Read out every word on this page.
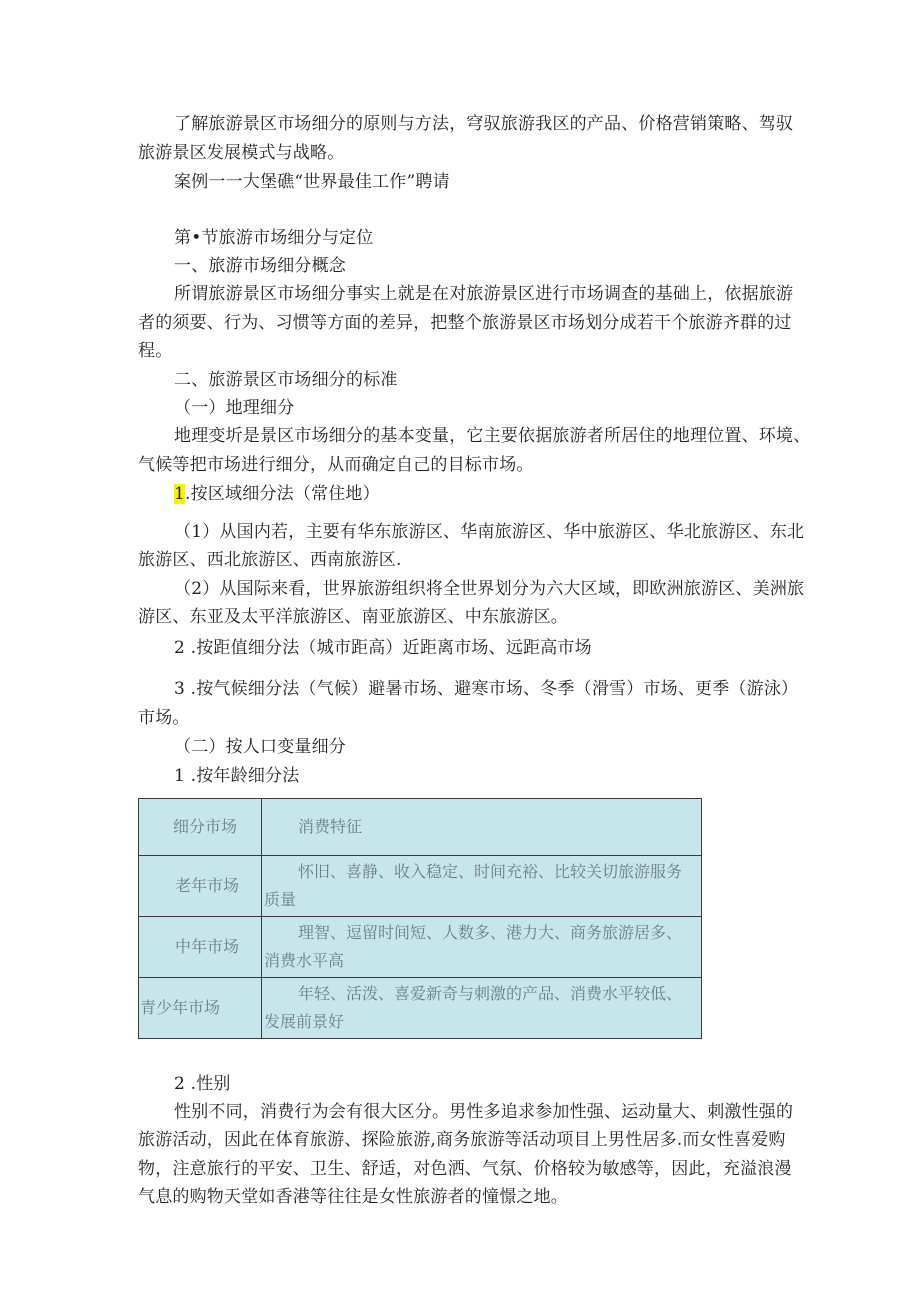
了解旅游景区市场细分的原则与方法，穹驭旅游我区的产品、价格营销策略、驾驭
旅游景区发展模式与战略。
案例一一大堡礁“世界最佳工作”聘请
第•节旅游市场细分与定位
一、旅游市场细分概念
所谓旅游景区市场细分事实上就是在对旅游景区进行市场调查的基础上，依据旅游
者的须要、行为、习惯等方面的差异，把整个旅游景区市场划分成若干个旅游齐群的过
程。
二、旅游景区市场细分的标准
（一）地理细分
地理变圻是景区市场细分的基本变量，它主要依据旅游者所居住的地理位置、环境、
气候等把市场进行细分，从而确定自己的目标市场。
1.按区域细分法（常住地）
（1）从国内若，主要有华东旅游区、华南旅游区、华中旅游区、华北旅游区、东北
旅游区、西北旅游区、西南旅游区.
（2）从国际来看，世界旅游组织将全世界划分为六大区域，即欧洲旅游区、美洲旅
游区、东亚及太平洋旅游区、南亚旅游区、中东旅游区。
2 .按距值细分法（城市距高）近距离市场、远距高市场
3 .按气候细分法（气候）避暑市场、避寒市场、冬季（滑雪）市场、更季（游泳）
市场。
（二）按人口变量细分
1 .按年龄细分法
细分市场	消费特征
老年市场	怀旧、喜静、收入稳定、时间充裕、比较关切旅游服务
质量
中年市场	理智、逗留时间短、人数多、港力大、商务旅游居多、
消费水平高
青少年市场	年轻、活泼、喜爱新奇与刺激的产品、消费水平较低、
发展前景好
2 .性别
性别不同，消费行为会有很大区分。男性多追求参加性强、运动量大、刺激性强的
旅游活动，因此在体育旅游、探险旅游,商务旅游等活动项目上男性居多.而女性喜爱购
物，注意旅行的平安、卫生、舒适，对色洒、气氛、价格较为敏感等，因此，充溢浪漫
气息的购物天堂如香港等往往是女性旅游者的憧憬之地。
